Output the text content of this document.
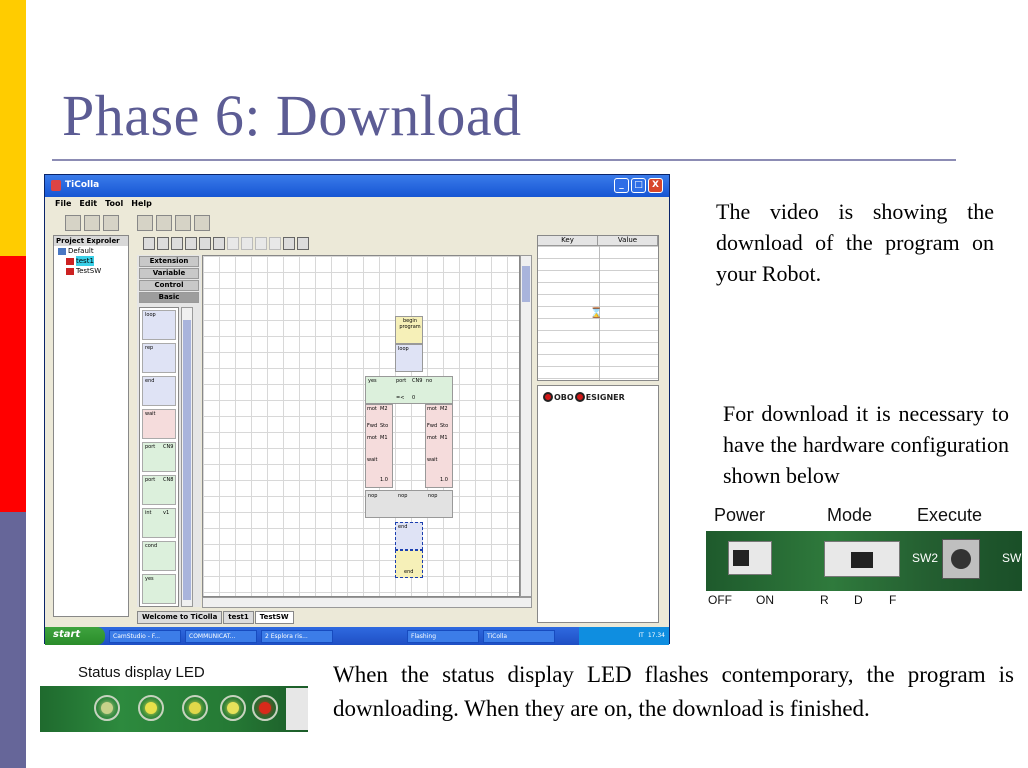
Phase 6: Download
TiColla	_	□	X
File Edit Tool Help
Project Exproler
Default
test1
TestSW
Extension
Variable
Control
Basic
loop
rep
end
wait
port CN9
port CN8
int v1
cond
yes
begin program
loop
yes	port CN9 no
=< 0
mot M2
Fwd Sto
mot M1
wait
1.0
mot M2
Fwd Sto
mot M1
wait
1.0
nop	nop	nop
end
end
Welcome to TiColla	test1	TestSW
Key	Value
⌛
OBO ESIGNER
start	CamStudio - F...	COMMUNICAT...	2 Esplora ris...	Flashing	TiColla	IT 17.34
The video is showing the download of the program on your Robot.
For download it is necessary to have the hardware configuration shown below
When the status display LED flashes contemporary, the program is downloading. When they are on, the download is finished.
Power	Mode Execute
SW2	SW3
OFF ON	R D F
Status display LED
